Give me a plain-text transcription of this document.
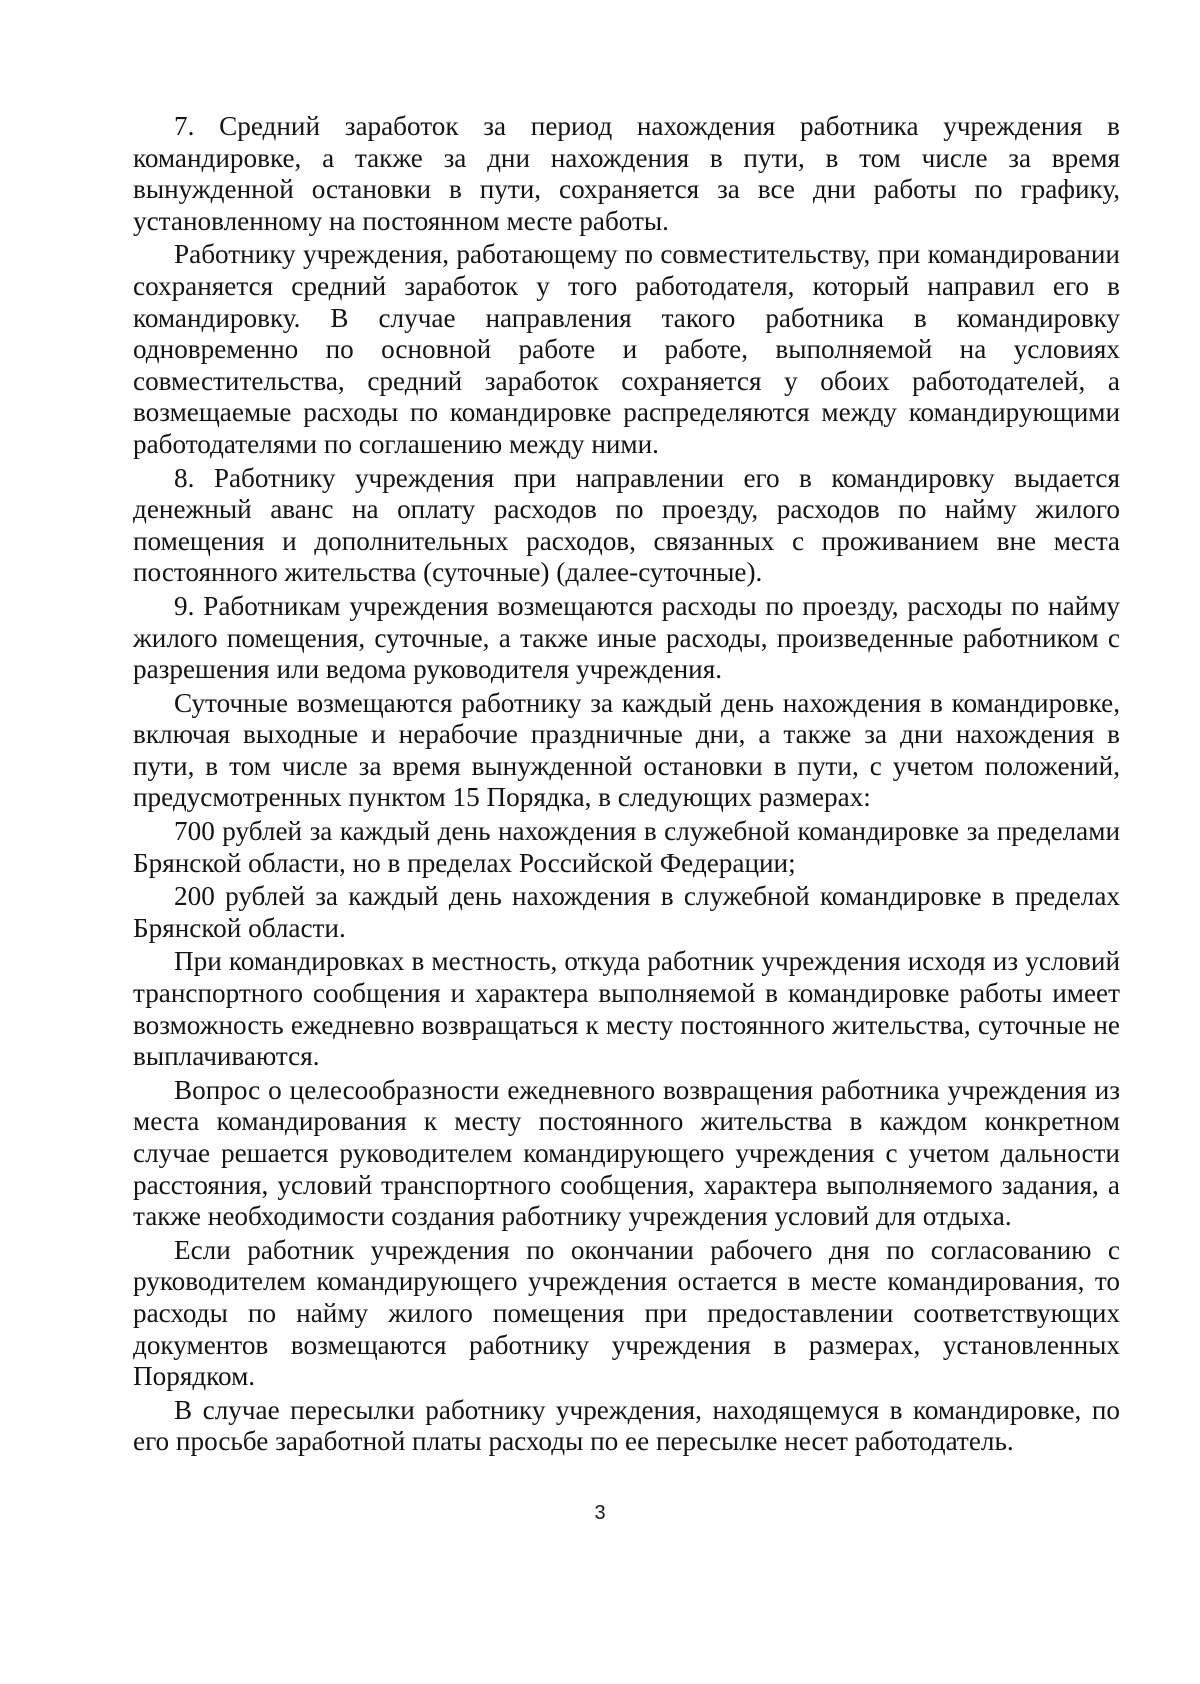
7. Средний заработок за период нахождения работника учреждения в командировке, а также за дни нахождения в пути, в том числе за время вынужденной остановки в пути, сохраняется за все дни работы по графику, установленному на постоянном месте работы.

Работнику учреждения, работающему по совместительству, при командировании сохраняется средний заработок у того работодателя, который направил его в командировку. В случае направления такого работника в командировку одновременно по основной работе и работе, выполняемой на условиях совместительства, средний заработок сохраняется у обоих работодателей, а возмещаемые расходы по командировке распределяются между командирующими работодателями по соглашению между ними.

8. Работнику учреждения при направлении его в командировку выдается денежный аванс на оплату расходов по проезду, расходов по найму жилого помещения и дополнительных расходов, связанных с проживанием вне места постоянного жительства (суточные) (далее-суточные).

9. Работникам учреждения возмещаются расходы по проезду, расходы по найму жилого помещения, суточные, а также иные расходы, произведенные работником с разрешения или ведома руководителя учреждения.

Суточные возмещаются работнику за каждый день нахождения в командировке, включая выходные и нерабочие праздничные дни, а также за дни нахождения в пути, в том числе за время вынужденной остановки в пути, с учетом положений, предусмотренных пунктом 15 Порядка, в следующих размерах:

700 рублей за каждый день нахождения в служебной командировке за пределами Брянской области, но в пределах Российской Федерации;

200 рублей за каждый день нахождения в служебной командировке в пределах Брянской области.

При командировках в местность, откуда работник учреждения исходя из условий транспортного сообщения и характера выполняемой в командировке работы имеет возможность ежедневно возвращаться к месту постоянного жительства, суточные не выплачиваются.

Вопрос о целесообразности ежедневного возвращения работника учреждения из места командирования к месту постоянного жительства в каждом конкретном случае решается руководителем командирующего учреждения с учетом дальности расстояния, условий транспортного сообщения, характера выполняемого задания, а также необходимости создания работнику учреждения условий для отдыха.

Если работник учреждения по окончании рабочего дня по согласованию с руководителем командирующего учреждения остается в месте командирования, то расходы по найму жилого помещения при предоставлении соответствующих документов возмещаются работнику учреждения в размерах, установленных Порядком.

В случае пересылки работнику учреждения, находящемуся в командировке, по его просьбе заработной платы расходы по ее пересылке несет работодатель.

3
